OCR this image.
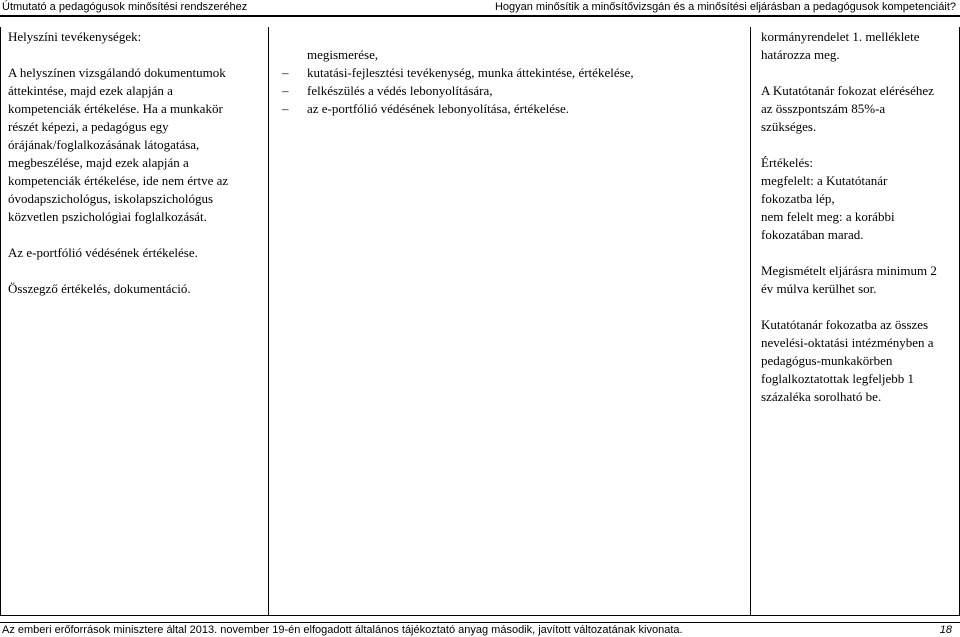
Útmutató a pedagógusok minősítési rendszeréhez	Hogyan minősítik a minősítővizsgán és a minősítési eljárásban a pedagógusok kompetenciáit?

Helyszíni tevékenységek:

A helyszínen vizsgálandó dokumentumok

áttekintése, majd ezek alapján a

kompetenciák értékelése. Ha a munkakör

részét képezi, a pedagógus egy

órájának/foglalkozásának látogatása,

megbeszélése, majd ezek alapján a

kompetenciák értékelése, ide nem értve az

óvodapszichológus, iskolapszichológus

közvetlen pszichológiai foglalkozását.

Az e-portfólió védésének értékelése.

Összegző értékelés, dokumentáció.

megismerése,
kutatási-fejlesztési tevékenység, munka áttekintése, értékelése,
– felkészülés a védés lebonyolítására,
– az e-portfólió védésének lebonyolítása, értékelése.
–

kormányrendelet 1. melléklete

határozza meg.

A Kutatótanár fokozat eléréséhez

az összpontszám 85%-a

szükséges.

Értékelés:

megfelelt: a Kutatótanár

fokozatba lép,

nem felelt meg: a korábbi

fokozatában marad.

Megismételt eljárásra minimum 2

év múlva kerülhet sor.

Kutatótanár fokozatba az összes

nevelési-oktatási intézményben a

pedagógus-munkakörben

foglalkoztatottak legfeljebb 1

százaléka sorolható be.

Az emberi erőforrások minisztere által 2013. november 19-én elfogadott általános tájékoztató anyag második, javított változatának kivonata.	18
